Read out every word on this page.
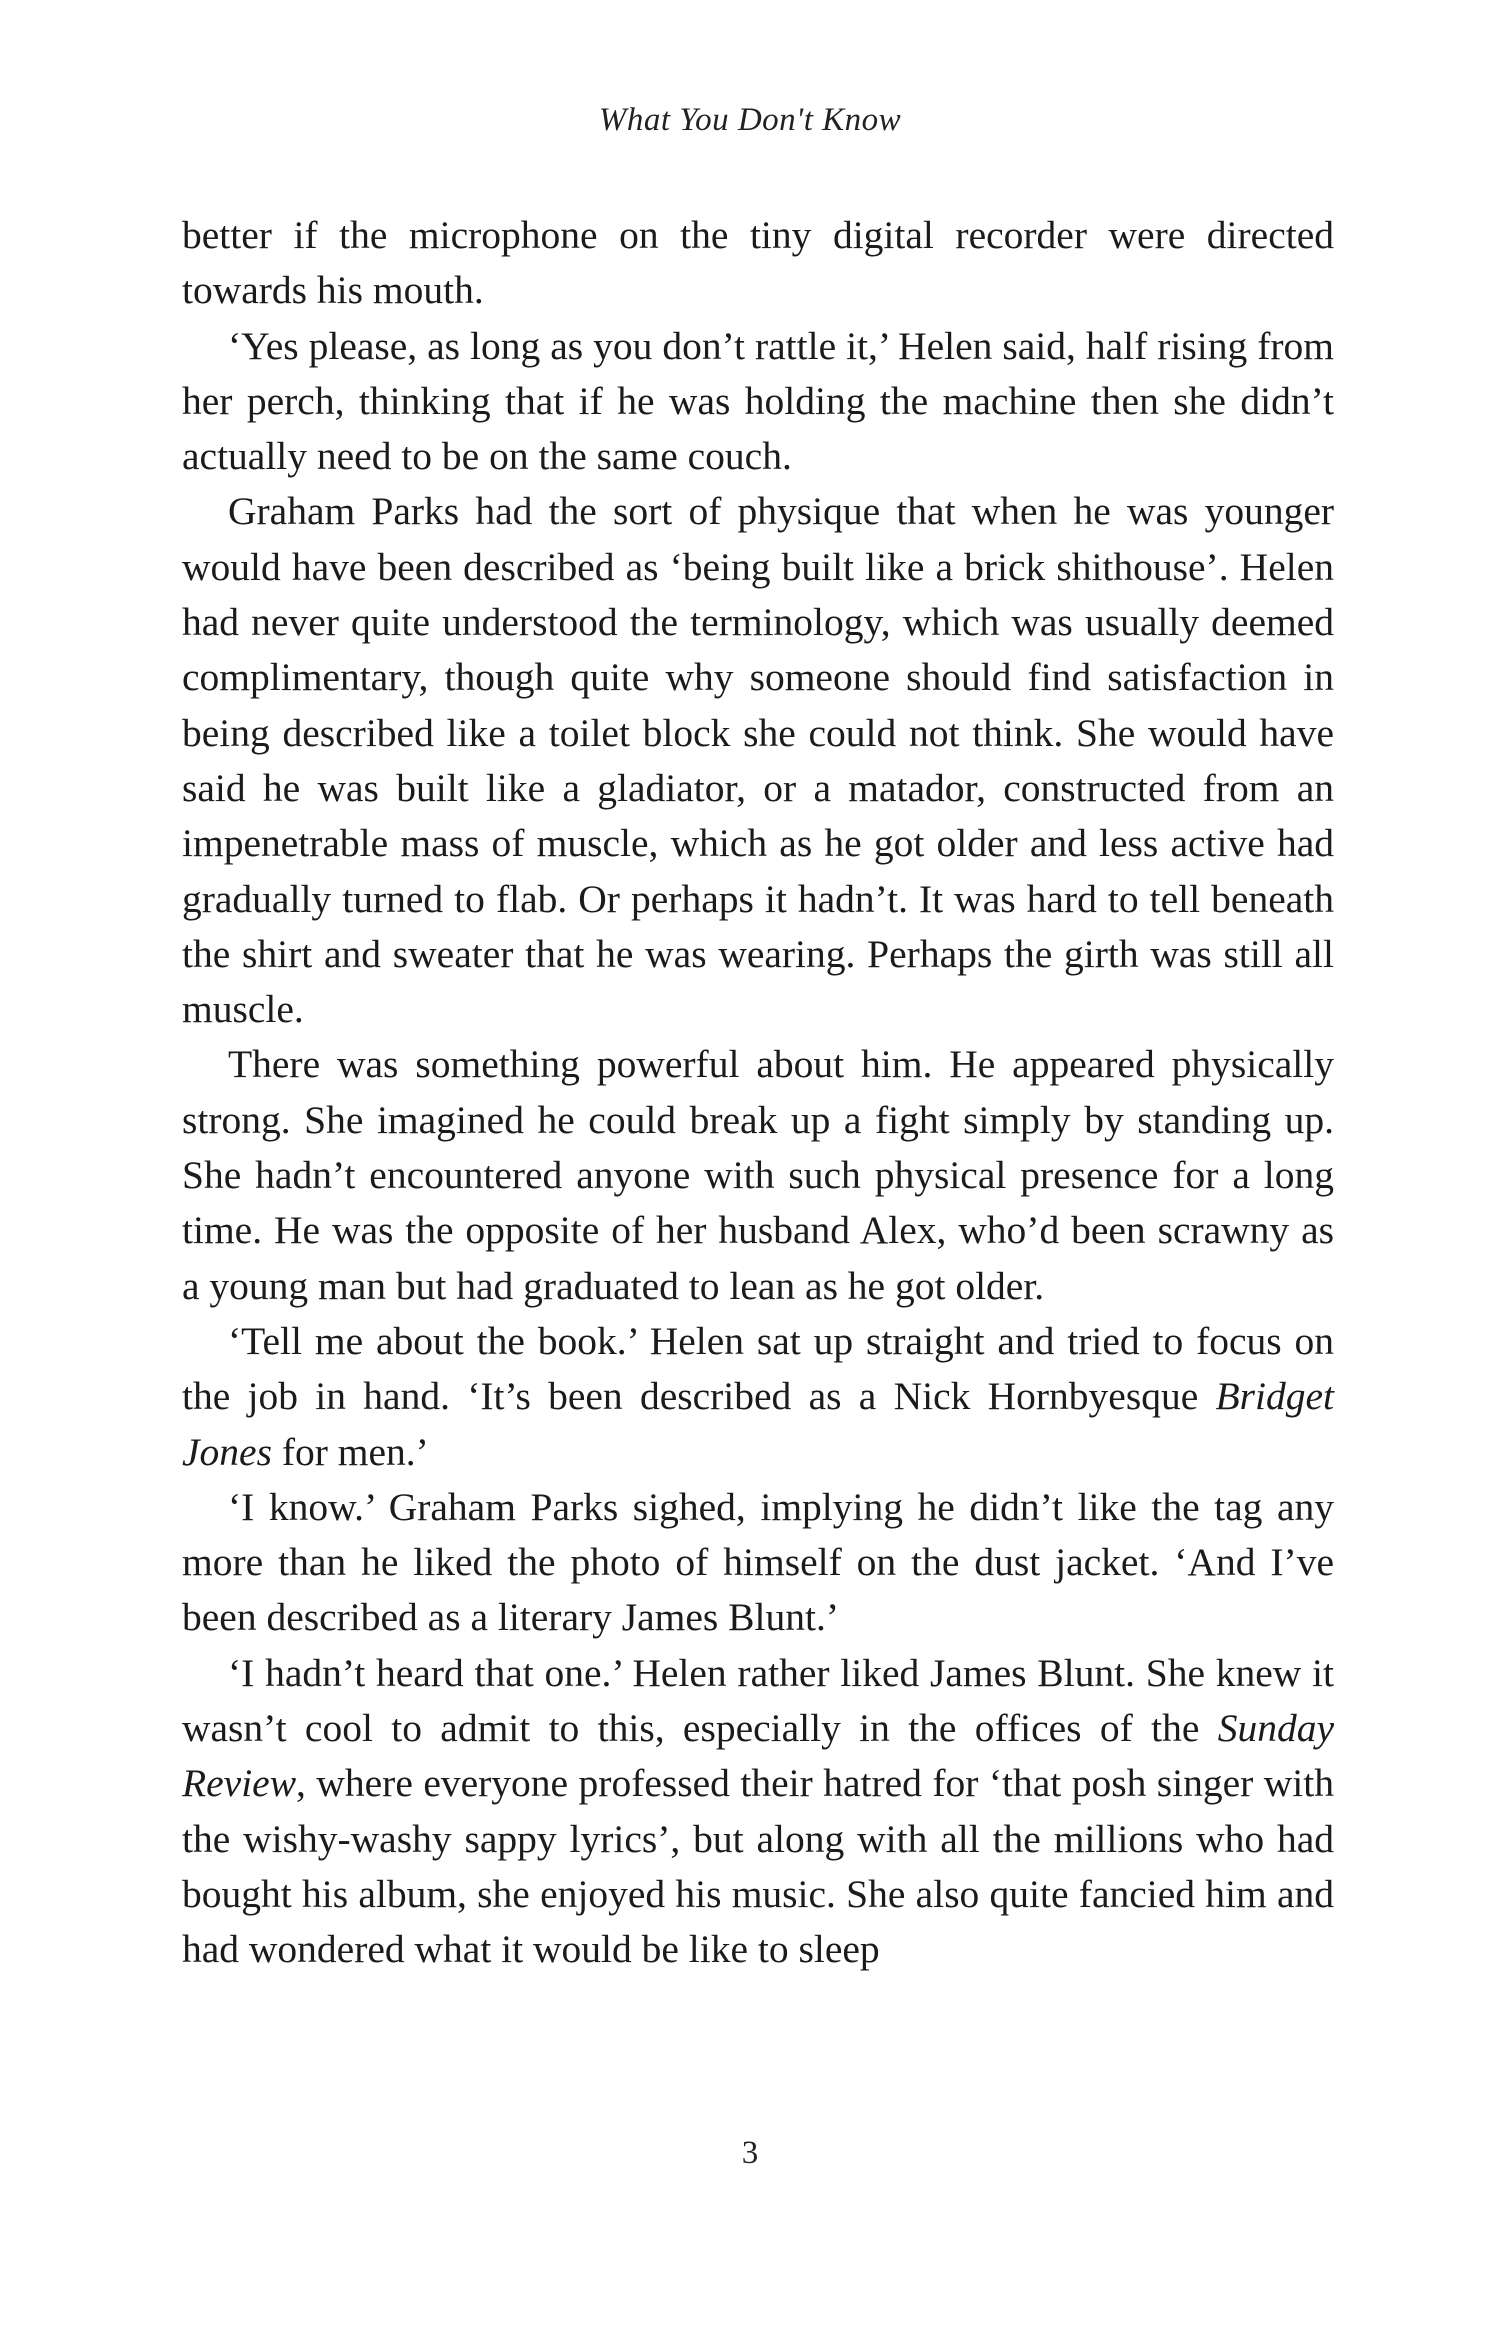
What You Don't Know

better if the microphone on the tiny digital recorder were directed towards his mouth.

‘Yes please, as long as you don’t rattle it,’ Helen said, half rising from her perch, thinking that if he was holding the machine then she didn’t actually need to be on the same couch.

Graham Parks had the sort of physique that when he was younger would have been described as ‘being built like a brick shithouse’. Helen had never quite understood the terminology, which was usually deemed complimentary, though quite why someone should find satisfaction in being described like a toilet block she could not think. She would have said he was built like a gladiator, or a matador, constructed from an impenetrable mass of muscle, which as he got older and less active had gradually turned to flab. Or perhaps it hadn’t. It was hard to tell beneath the shirt and sweater that he was wearing. Perhaps the girth was still all muscle.

There was something powerful about him. He appeared physically strong. She imagined he could break up a fight simply by standing up. She hadn’t encountered anyone with such physical presence for a long time. He was the opposite of her husband Alex, who’d been scrawny as a young man but had graduated to lean as he got older.

‘Tell me about the book.’ Helen sat up straight and tried to focus on the job in hand. ‘It’s been described as a Nick Hornbyesque Bridget Jones for men.’

‘I know.’ Graham Parks sighed, implying he didn’t like the tag any more than he liked the photo of himself on the dust jacket. ‘And I’ve been described as a literary James Blunt.’

‘I hadn’t heard that one.’ Helen rather liked James Blunt. She knew it wasn’t cool to admit to this, especially in the offices of the Sunday Review, where everyone professed their hatred for ‘that posh singer with the wishy-washy sappy lyrics’, but along with all the millions who had bought his album, she enjoyed his music. She also quite fancied him and had wondered what it would be like to sleep

3
